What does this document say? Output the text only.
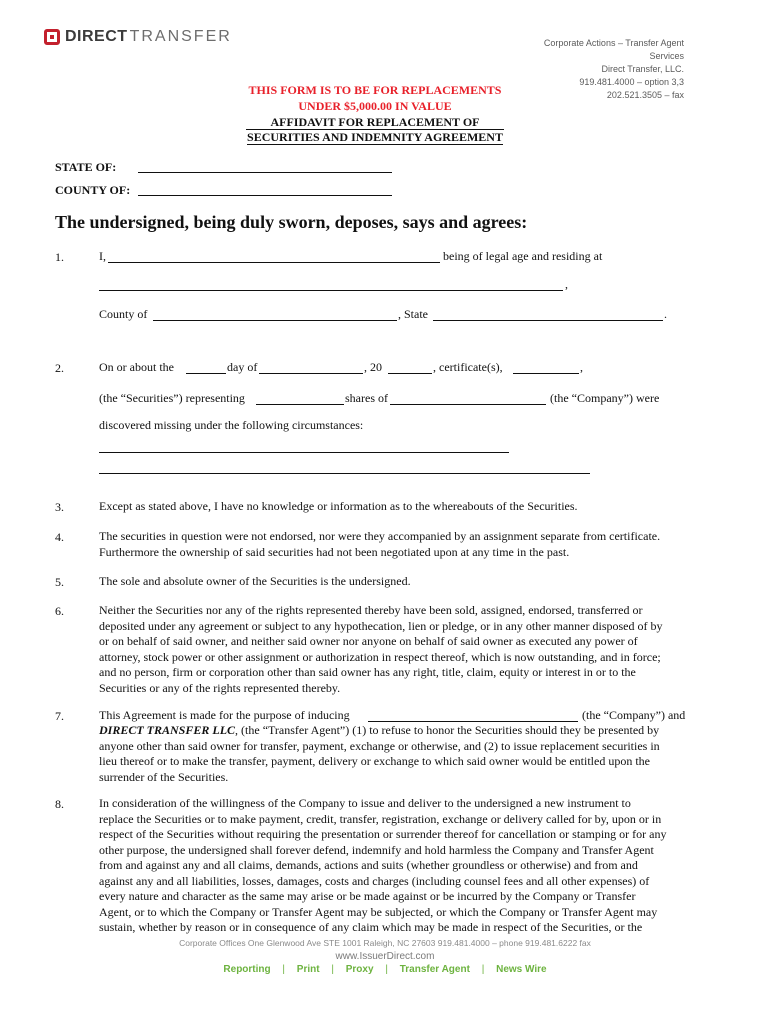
DIRECT TRANSFER	Corporate Actions – Transfer Agent
Services
Direct Transfer, LLC.
919.481.4000 – option 3,3
202.521.3505 – fax
THIS FORM IS TO BE FOR REPLACEMENTS
UNDER $5,000.00 IN VALUE
AFFIDAVIT FOR REPLACEMENT OF
SECURITIES AND INDEMNITY AGREEMENT
STATE OF:
COUNTY OF:
The undersigned, being duly sworn, deposes, says and agrees:
1.	I,	being of legal age and residing at
,
County of	, State	.
2.	On or about the	day of	, 20	, certificate(s),	,
(the “Securities”) representing	shares of	(the “Company”) were
discovered missing under the following circumstances:
3.	Except as stated above, I have no knowledge or information as to the whereabouts of the Securities.
4.	The securities in question were not endorsed, nor were they accompanied by an assignment separate from certificate.
Furthermore the ownership of said securities had not been negotiated upon at any time in the past.
5.	The sole and absolute owner of the Securities is the undersigned.
6.	Neither the Securities nor any of the rights represented thereby have been sold, assigned, endorsed, transferred or
deposited under any agreement or subject to any hypothecation, lien or pledge, or in any other manner disposed of by
or on behalf of said owner, and neither said owner nor anyone on behalf of said owner as executed any power of
attorney, stock power or other assignment or authorization in respect thereof, which is now outstanding, and in force;
and no person, firm or corporation other than said owner has any right, title, claim, equity or interest in or to the
Securities or any of the rights represented thereby.
7.	This Agreement is made for the purpose of inducing	(the “Company”) and
DIRECT TRANSFER LLC, (the “Transfer Agent”) (1) to refuse to honor the Securities should they be presented by
anyone other than said owner for transfer, payment, exchange or otherwise, and (2) to issue replacement securities in
lieu thereof or to make the transfer, payment, delivery or exchange to which said owner would be entitled upon the
surrender of the Securities.
8.	In consideration of the willingness of the Company to issue and deliver to the undersigned a new instrument to
replace the Securities or to make payment, credit, transfer, registration, exchange or delivery called for by, upon or in
respect of the Securities without requiring the presentation or surrender thereof for cancellation or stamping or for any
other purpose, the undersigned shall forever defend, indemnify and hold harmless the Company and Transfer Agent
from and against any and all claims, demands, actions and suits (whether groundless or otherwise) and from and
against any and all liabilities, losses, damages, costs and charges (including counsel fees and all other expenses) of
every nature and character as the same may arise or be made against or be incurred by the Company or Transfer
Agent, or to which the Company or Transfer Agent may be subjected, or which the Company or Transfer Agent may
sustain, whether by reason or in consequence of any claim which may be made in respect of the Securities, or the
Corporate Offices One Glenwood Ave STE 1001 Raleigh, NC 27603 919.481.4000 – phone 919.481.6222 fax
www.IssuerDirect.com
Reporting | Print | Proxy | Transfer Agent | News Wire
